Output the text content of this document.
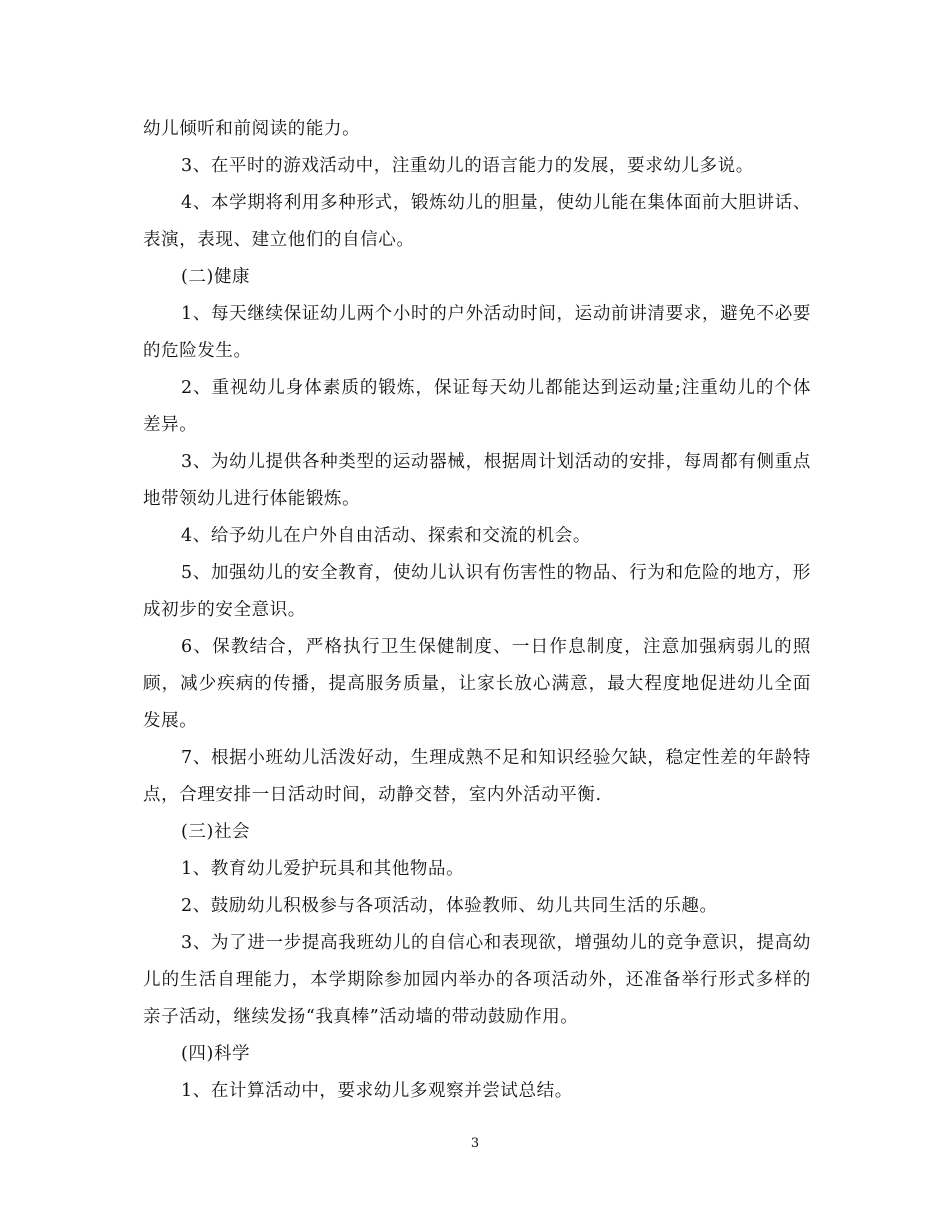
幼儿倾听和前阅读的能力。

3、在平时的游戏活动中，注重幼儿的语言能力的发展，要求幼儿多说。

4、本学期将利用多种形式，锻炼幼儿的胆量，使幼儿能在集体面前大胆讲话、表演，表现、建立他们的自信心。

(二)健康

1、每天继续保证幼儿两个小时的户外活动时间，运动前讲清要求，避免不必要的危险发生。

2、重视幼儿身体素质的锻炼，保证每天幼儿都能达到运动量;注重幼儿的个体差异。

3、为幼儿提供各种类型的运动器械，根据周计划活动的安排，每周都有侧重点地带领幼儿进行体能锻炼。

4、给予幼儿在户外自由活动、探索和交流的机会。

5、加强幼儿的安全教育，使幼儿认识有伤害性的物品、行为和危险的地方，形成初步的安全意识。

6、保教结合，严格执行卫生保健制度、一日作息制度，注意加强病弱儿的照顾，减少疾病的传播，提高服务质量，让家长放心满意，最大程度地促进幼儿全面发展。

7、根据小班幼儿活泼好动，生理成熟不足和知识经验欠缺，稳定性差的年龄特点，合理安排一日活动时间，动静交替，室内外活动平衡.

(三)社会

1、教育幼儿爱护玩具和其他物品。

2、鼓励幼儿积极参与各项活动，体验教师、幼儿共同生活的乐趣。

3、为了进一步提高我班幼儿的自信心和表现欲，增强幼儿的竞争意识，提高幼儿的生活自理能力，本学期除参加园内举办的各项活动外，还准备举行形式多样的亲子活动，继续发扬“我真棒”活动墙的带动鼓励作用。

(四)科学

1、在计算活动中，要求幼儿多观察并尝试总结。

3
